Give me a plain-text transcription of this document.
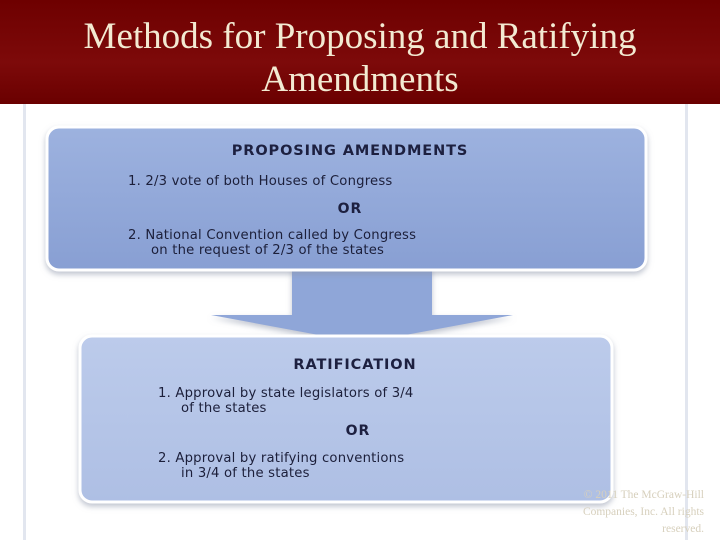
Methods for Proposing and Ratifying
Amendments
PROPOSING AMENDMENTS
1. 2/3 vote of both Houses of Congress
OR
2. National Convention called by Congress
on the request of 2/3 of the states
RATIFICATION
1. Approval by state legislators of 3/4
of the states
OR
2. Approval by ratifying conventions
in 3/4 of the states
© 2011 The McGraw-Hill
Companies, Inc. All rights
reserved.
